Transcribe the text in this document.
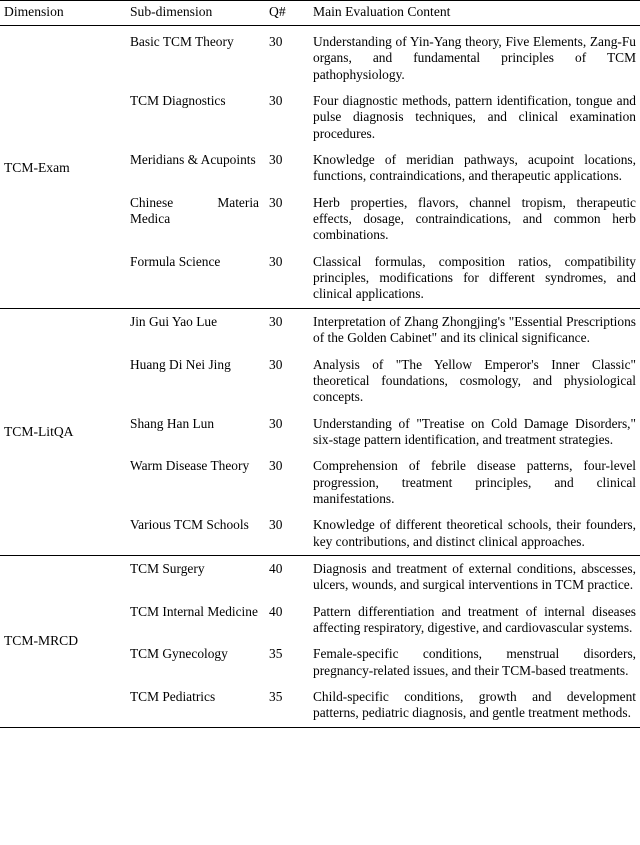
Dimension	Sub-dimension	Q#	Main Evaluation Content

TCM-Exam	Basic TCM Theory	30	Understanding of Yin-Yang theory, Five Elements, Zang-Fu organs, and fundamental principles of TCM pathophysiology.
	TCM Diagnostics	30	Four diagnostic methods, pattern identification, tongue and pulse diagnosis techniques, and clinical examination procedures.
	Meridians & Acupoints	30	Knowledge of meridian pathways, acupoint locations, functions, contraindications, and therapeutic applications.
	Chinese Materia Medica	30	Herb properties, flavors, channel tropism, therapeutic effects, dosage, contraindications, and common herb combinations.
	Formula Science	30	Classical formulas, composition ratios, compatibility principles, modifications for different syndromes, and clinical applications.

TCM-LitQA	Jin Gui Yao Lue	30	Interpretation of Zhang Zhongjing's "Essential Prescriptions of the Golden Cabinet" and its clinical significance.
	Huang Di Nei Jing	30	Analysis of "The Yellow Emperor's Inner Classic" theoretical foundations, cosmology, and physiological concepts.
	Shang Han Lun	30	Understanding of "Treatise on Cold Damage Disorders," six-stage pattern identification, and treatment strategies.
	Warm Disease Theory	30	Comprehension of febrile disease patterns, four-level progression, treatment principles, and clinical manifestations.
	Various TCM Schools	30	Knowledge of different theoretical schools, their founders, key contributions, and distinct clinical approaches.

TCM-MRCD	TCM Surgery	40	Diagnosis and treatment of external conditions, abscesses, ulcers, wounds, and surgical interventions in TCM practice.
	TCM Internal Medicine	40	Pattern differentiation and treatment of internal diseases affecting respiratory, digestive, and cardiovascular systems.
	TCM Gynecology	35	Female-specific conditions, menstrual disorders, pregnancy-related issues, and their TCM-based treatments.
	TCM Pediatrics	35	Child-specific conditions, growth and development patterns, pediatric diagnosis, and gentle treatment methods.
